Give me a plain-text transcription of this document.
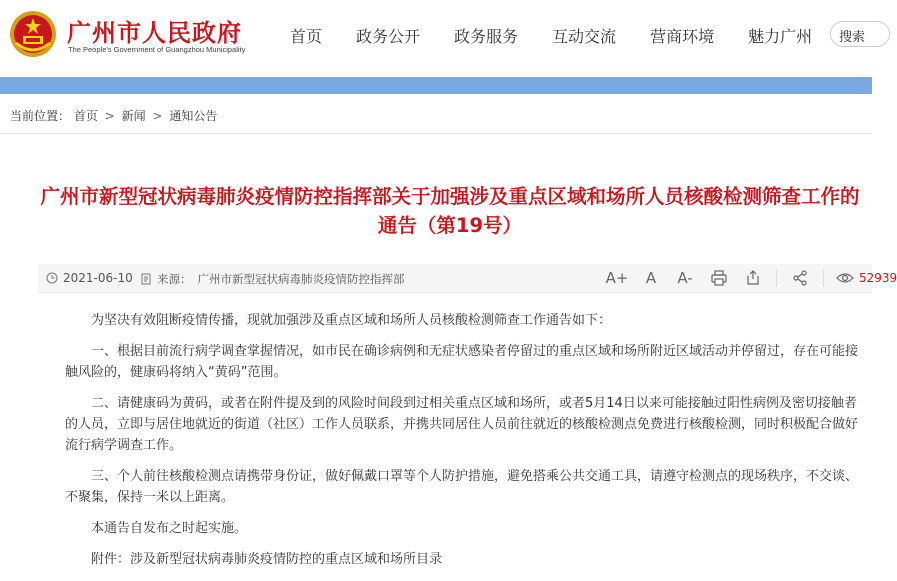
广州市人民政府
The People's Government of Guangzhou Municipality
首页 政务公开 政务服务 互动交流 营商环境 魅力广州	搜索
当前位置： 首页 > 新闻 > 通知公告
广州市新型冠状病毒肺炎疫情防控指挥部关于加强涉及重点区域和场所人员核酸检测筛查工作的通告（第19号）
2021-06-10 来源： 广州市新型冠状病毒肺炎疫情防控指挥部	A+	A	A-	52939

为坚决有效阻断疫情传播，现就加强涉及重点区域和场所人员核酸检测筛查工作通告如下：

一、根据目前流行病学调查掌握情况，如市民在确诊病例和无症状感染者停留过的重点区域和场所附近区域活动并停留过，存在可能接触风险的，健康码将纳入“黄码”范围。

二、请健康码为黄码，或者在附件提及到的风险时间段到过相关重点区域和场所，或者5月14日以来可能接触过阳性病例及密切接触者的人员，立即与居住地就近的街道（社区）工作人员联系，并携共同居住人员前往就近的核酸检测点免费进行核酸检测，同时积极配合做好流行病学调查工作。

三、个人前往核酸检测点请携带身份证，做好佩戴口罩等个人防护措施，避免搭乘公共交通工具，请遵守检测点的现场秩序，不交谈、不聚集，保持一米以上距离。

本通告自发布之时起实施。

附件：涉及新型冠状病毒肺炎疫情防控的重点区域和场所目录
